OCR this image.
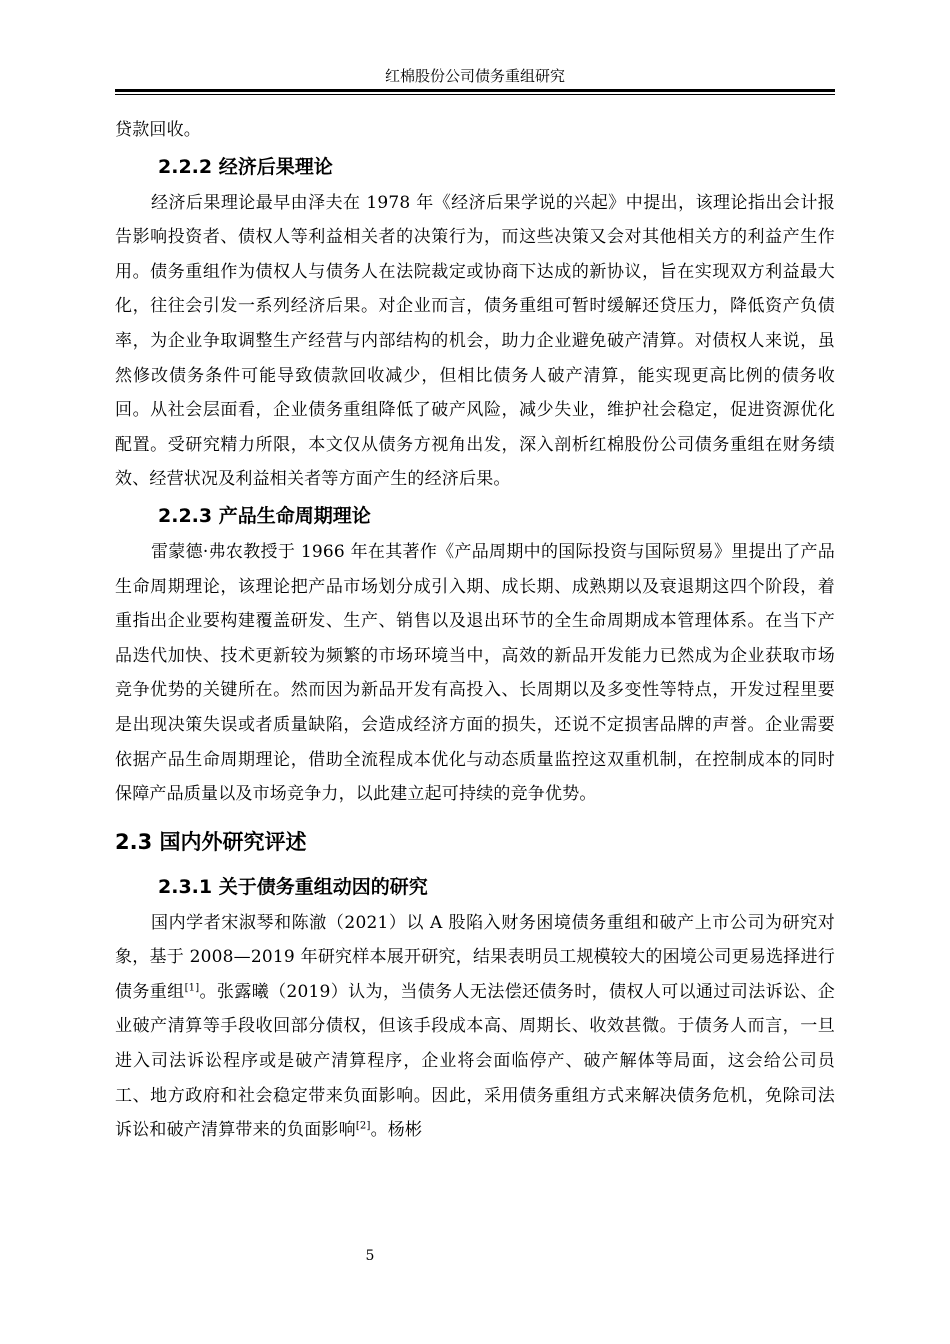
红棉股份公司债务重组研究

贷款回收。

2.2.2 经济后果理论

经济后果理论最早由泽夫在 1978 年《经济后果学说的兴起》中提出，该理论指出会计报告影响投资者、债权人等利益相关者的决策行为，而这些决策又会对其他相关方的利益产生作用。债务重组作为债权人与债务人在法院裁定或协商下达成的新协议，旨在实现双方利益最大化，往往会引发一系列经济后果。对企业而言，债务重组可暂时缓解还贷压力，降低资产负债率，为企业争取调整生产经营与内部结构的机会，助力企业避免破产清算。对债权人来说，虽然修改债务条件可能导致债款回收减少，但相比债务人破产清算，能实现更高比例的债务收回。从社会层面看，企业债务重组降低了破产风险，减少失业，维护社会稳定，促进资源优化配置。受研究精力所限，本文仅从债务方视角出发，深入剖析红棉股份公司债务重组在财务绩效、经营状况及利益相关者等方面产生的经济后果。

2.2.3 产品生命周期理论

雷蒙德·弗农教授于 1966 年在其著作《产品周期中的国际投资与国际贸易》里提出了产品生命周期理论，该理论把产品市场划分成引入期、成长期、成熟期以及衰退期这四个阶段，着重指出企业要构建覆盖研发、生产、销售以及退出环节的全生命周期成本管理体系。在当下产品迭代加快、技术更新较为频繁的市场环境当中，高效的新品开发能力已然成为企业获取市场竞争优势的关键所在。然而因为新品开发有高投入、长周期以及多变性等特点，开发过程里要是出现决策失误或者质量缺陷，会造成经济方面的损失，还说不定损害品牌的声誉。企业需要依据产品生命周期理论，借助全流程成本优化与动态质量监控这双重机制，在控制成本的同时保障产品质量以及市场竞争力，以此建立起可持续的竞争优势。

2.3 国内外研究评述
2.3.1 关于债务重组动因的研究

国内学者宋淑琴和陈澈（2021）以 A 股陷入财务困境债务重组和破产上市公司为研究对象，基于 2008—2019 年研究样本展开研究，结果表明员工规模较大的困境公司更易选择进行债务重组[1]。张露曦（2019）认为，当债务人无法偿还债务时，债权人可以通过司法诉讼、企业破产清算等手段收回部分债权，但该手段成本高、周期长、收效甚微。于债务人而言，一旦进入司法诉讼程序或是破产清算程序，企业将会面临停产、破产解体等局面，这会给公司员工、地方政府和社会稳定带来负面影响。因此，采用债务重组方式来解决债务危机，免除司法诉讼和破产清算带来的负面影响[2]。杨彬

5
